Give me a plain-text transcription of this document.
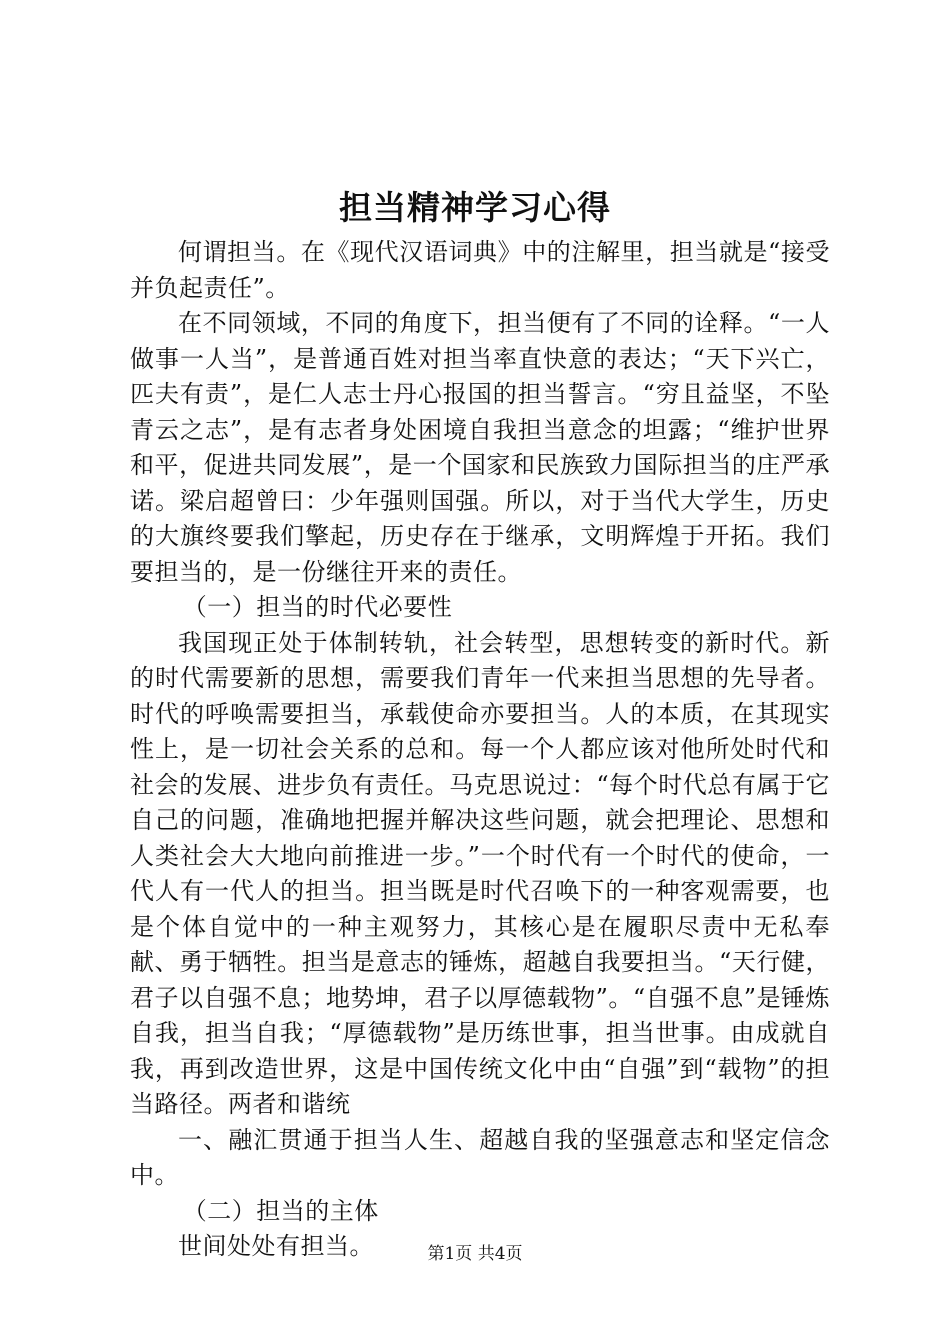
担当精神学习心得

何谓担当。在《现代汉语词典》中的注解里，担当就是“接受并负起责任”。

在不同领域，不同的角度下，担当便有了不同的诠释。“一人做事一人当”，是普通百姓对担当率直快意的表达；“天下兴亡，匹夫有责”，是仁人志士丹心报国的担当誓言。“穷且益坚，不坠青云之志”，是有志者身处困境自我担当意念的坦露；“维护世界和平，促进共同发展”，是一个国家和民族致力国际担当的庄严承诺。梁启超曾曰：少年强则国强。所以，对于当代大学生，历史的大旗终要我们擎起，历史存在于继承，文明辉煌于开拓。我们要担当的，是一份继往开来的责任。

（一）担当的时代必要性

我国现正处于体制转轨，社会转型，思想转变的新时代。新的时代需要新的思想，需要我们青年一代来担当思想的先导者。时代的呼唤需要担当，承载使命亦要担当。人的本质，在其现实性上，是一切社会关系的总和。每一个人都应该对他所处时代和社会的发展、进步负有责任。马克思说过：“每个时代总有属于它自己的问题，准确地把握并解决这些问题，就会把理论、思想和人类社会大大地向前推进一步。”一个时代有一个时代的使命，一代人有一代人的担当。担当既是时代召唤下的一种客观需要，也是个体自觉中的一种主观努力，其核心是在履职尽责中无私奉献、勇于牺牲。担当是意志的锤炼，超越自我要担当。“天行健，君子以自强不息；地势坤，君子以厚德载物”。“自强不息”是锤炼自我，担当自我；“厚德载物”是历练世事，担当世事。由成就自我，再到改造世界，这是中国传统文化中由“自强”到“载物”的担当路径。两者和谐统

一、融汇贯通于担当人生、超越自我的坚强意志和坚定信念中。

（二）担当的主体

世间处处有担当。	第1页 共4页
